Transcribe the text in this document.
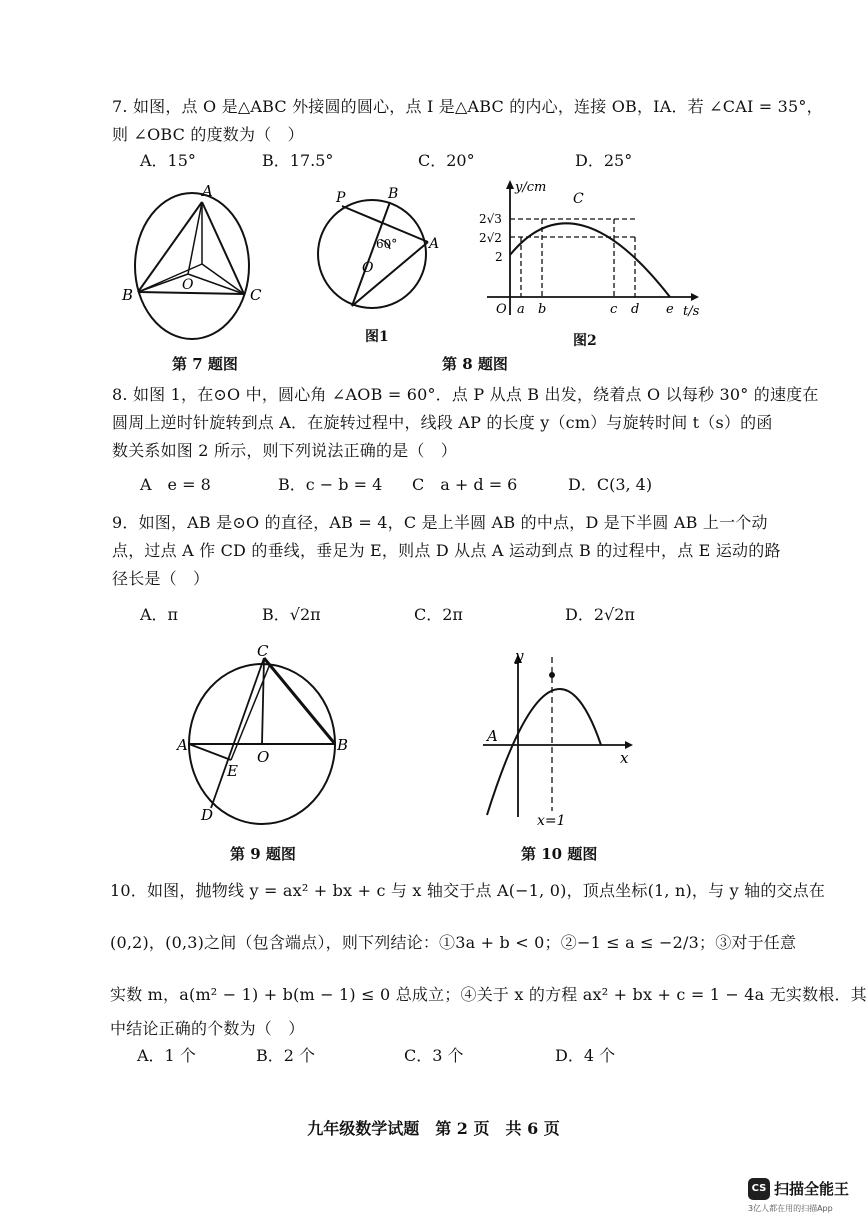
7. 如图，点 O 是△ABC 外接圆的圆心，点 I 是△ABC 的内心，连接 OB，IA．若 ∠CAI = 35°，
则 ∠OBC 的度数为（　）
A．15°	B．17.5°	C．20°	D．25°
A
B	C
O
P	B
A
O
60°
图1
y/cm
t/s
O
C
2√3
2√2
2
a b	c d e
图2
第 7 题图	第 8 题图
8. 如图 1，在⊙O 中，圆心角 ∠AOB = 60°．点 P 从点 B 出发，绕着点 O 以每秒 30° 的速度在
圆周上逆时针旋转到点 A．在旋转过程中，线段 AP 的长度 y（cm）与旋转时间 t（s）的函
数关系如图 2 所示，则下列说法正确的是（　）
A　e = 8	B．c − b = 4 C　a + d = 6	D．C(3, 4)
9．如图，AB 是⊙O 的直径，AB = 4，C 是上半圆 AB 的中点，D 是下半圆 AB 上一个动
点，过点 A 作 CD 的垂线，垂足为 E，则点 D 从点 A 运动到点 B 的过程中，点 E 运动的路
径长是（　）
A．π	B．√2π	C．2π	D．2√2π
C
A	B
O
E
D
y
x
A
x=1
第 9 题图	第 10 题图
10．如图，抛物线 y = ax² + bx + c 与 x 轴交于点 A(−1, 0)，顶点坐标(1, n)，与 y 轴的交点在
(0,2)，(0,3)之间（包含端点），则下列结论：①3a + b < 0；②−1 ≤ a ≤ −2/3；③对于任意
实数 m，a(m² − 1) + b(m − 1) ≤ 0 总成立；④关于 x 的方程 ax² + bx + c = 1 − 4a 无实数根．其
中结论正确的个数为（　）
A．1 个	B．2 个	C．3 个	D．4 个
九年级数学试题　第 2 页　共 6 页
CS 扫描全能王
3亿人都在用的扫描App
